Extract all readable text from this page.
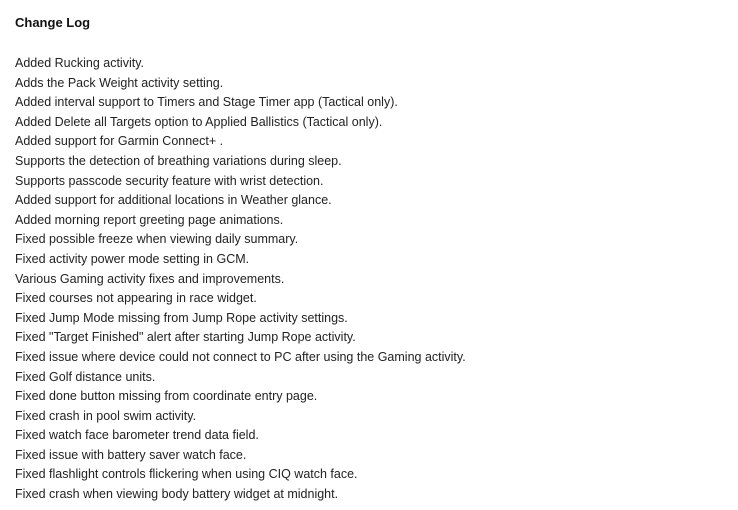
Change Log
Added Rucking activity.
Adds the Pack Weight activity setting.
Added interval support to Timers and Stage Timer app (Tactical only).
Added Delete all Targets option to Applied Ballistics (Tactical only).
Added support for Garmin Connect+ .
Supports the detection of breathing variations during sleep.
Supports passcode security feature with wrist detection.
Added support for additional locations in Weather glance.
Added morning report greeting page animations.
Fixed possible freeze when viewing daily summary.
Fixed activity power mode setting in GCM.
Various Gaming activity fixes and improvements.
Fixed courses not appearing in race widget.
Fixed Jump Mode missing from Jump Rope activity settings.
Fixed "Target Finished" alert after starting Jump Rope activity.
Fixed issue where device could not connect to PC after using the Gaming activity.
Fixed Golf distance units.
Fixed done button missing from coordinate entry page.
Fixed crash in pool swim activity.
Fixed watch face barometer trend data field.
Fixed issue with battery saver watch face.
Fixed flashlight controls flickering when using CIQ watch face.
Fixed crash when viewing body battery widget at midnight.
